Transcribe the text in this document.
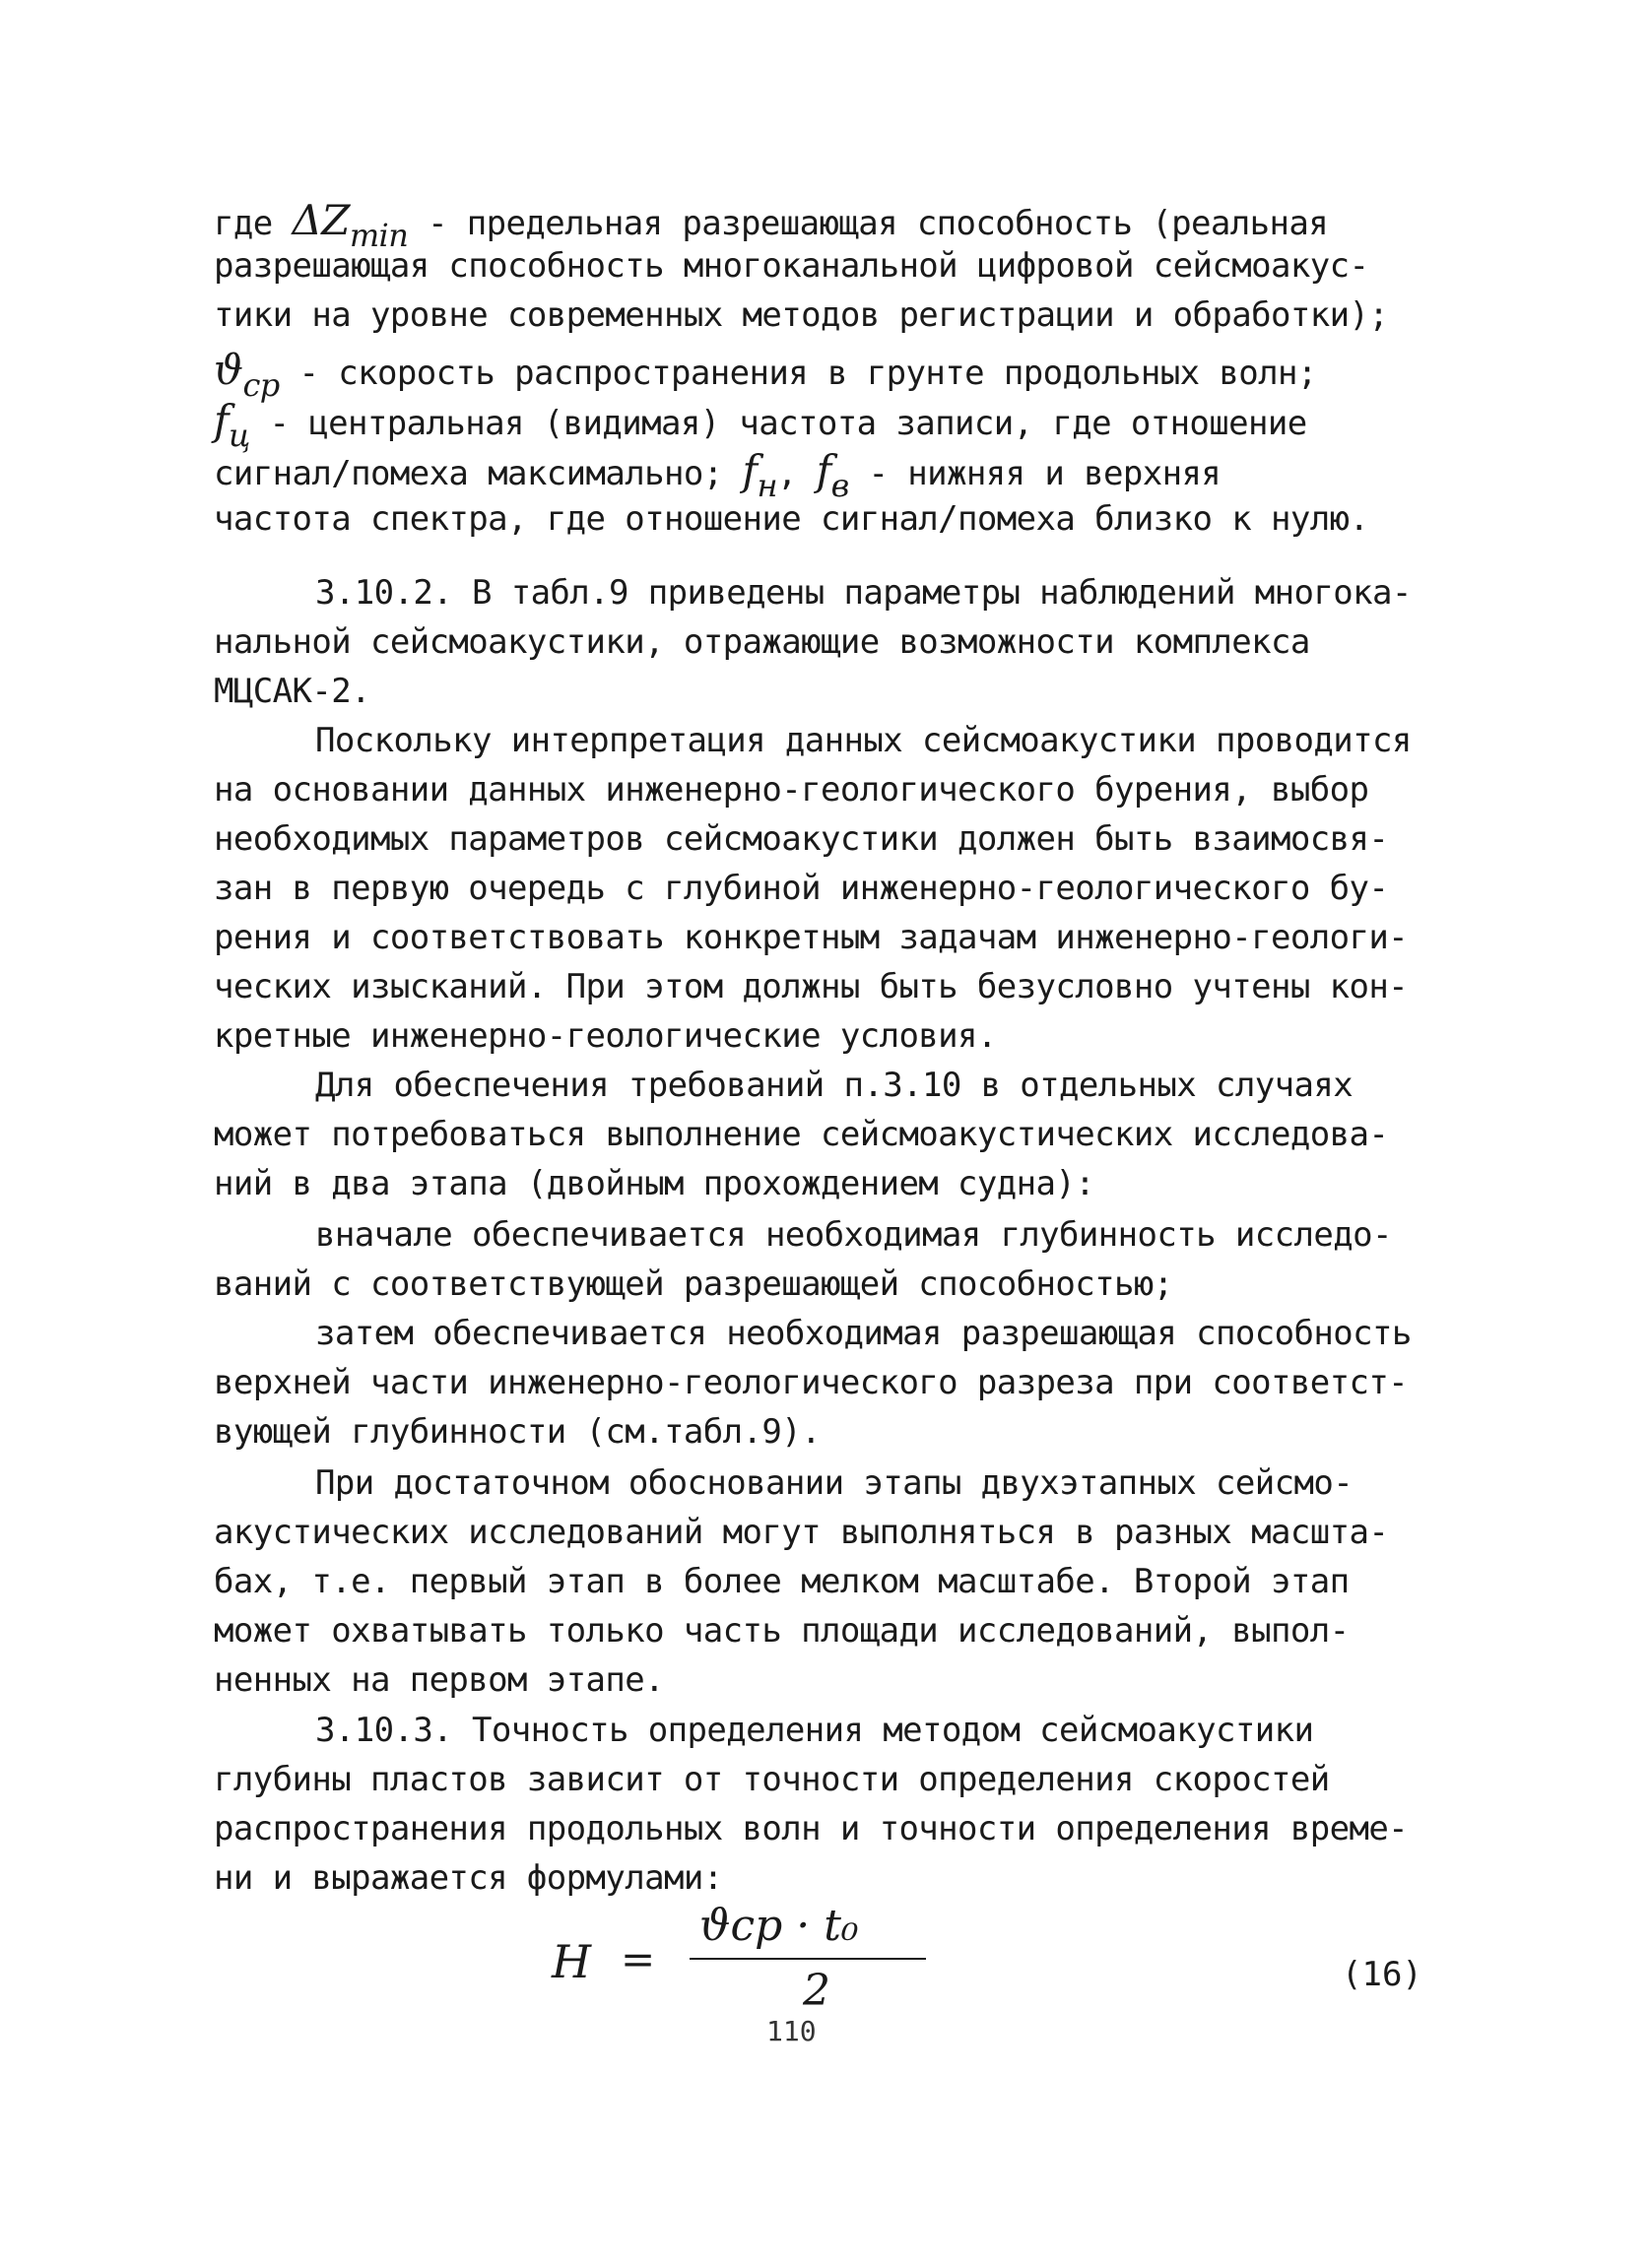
где ΔZmin - предельная разрешающая способность (реальная
разрешающая способность многоканальной цифровой сейсмоакус-
тики на уровне современных методов регистрации и обработки);
ϑср - скорость распространения в грунте продольных волн;
fц - центральная (видимая) частота записи, где отношение
сигнал/помеха максимально; fн, fв - нижняя и верхняя
частота спектра, где отношение сигнал/помеха близко к нулю.
3.10.2. В табл.9 приведены параметры наблюдений многока-
нальной сейсмоакустики, отражающие возможности комплекса
МЦСАК-2.
Поскольку интерпретация данных сейсмоакустики проводится
на основании данных инженерно-геологического бурения, выбор
необходимых параметров сейсмоакустики должен быть взаимосвя-
зан в первую очередь с глубиной инженерно-геологического бу-
рения и соответствовать конкретным задачам инженерно-геологи-
ческих изысканий. При этом должны быть безусловно учтены кон-
кретные инженерно-геологические условия.
Для обеспечения требований п.3.10 в отдельных случаях
может потребоваться выполнение сейсмоакустических исследова-
ний в два этапа (двойным прохождением судна):
вначале обеспечивается необходимая глубинность исследо-
ваний с соответствующей разрешающей способностью;
затем обеспечивается необходимая разрешающая способность
верхней части инженерно-геологического разреза при соответст-
вующей глубинности (см.табл.9).
При достаточном обосновании этапы двухэтапных сейсмо-
акустических исследований могут выполняться в разных масшта-
бах, т.е. первый этап в более мелком масштабе. Второй этап
может охватывать только часть площади исследований, выпол-
ненных на первом этапе.
3.10.3. Точность определения методом сейсмоакустики
глубины пластов зависит от точности определения скоростей
распространения продольных волн и точности определения време-
ни и выражается формулами:
H =
ϑср · t₀
2	(16)
110
